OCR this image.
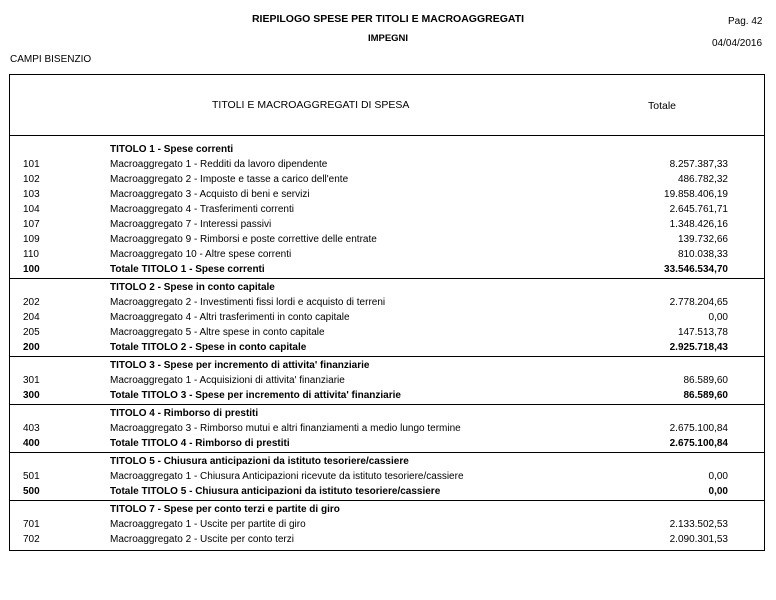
RIEPILOGO SPESE PER TITOLI E MACROAGGREGATI
IMPEGNI
Pag. 42
04/04/2016
CAMPI BISENZIO
TITOLI E MACROAGGREGATI DI SPESA	Totale
TITOLO 1 - Spese correnti
101	Macroaggregato 1 - Redditi da lavoro dipendente	8.257.387,33
102	Macroaggregato 2 - Imposte e tasse a carico dell'ente	486.782,32
103	Macroaggregato 3 - Acquisto di beni e servizi	19.858.406,19
104	Macroaggregato 4 - Trasferimenti correnti	2.645.761,71
107	Macroaggregato 7 - Interessi passivi	1.348.426,16
109	Macroaggregato 9 - Rimborsi e poste correttive delle entrate	139.732,66
110	Macroaggregato 10 - Altre spese correnti	810.038,33
100	Totale TITOLO 1 - Spese correnti	33.546.534,70
TITOLO 2 - Spese in conto capitale
202	Macroaggregato 2 - Investimenti fissi lordi e acquisto di terreni	2.778.204,65
204	Macroaggregato 4 - Altri trasferimenti in conto capitale	0,00
205	Macroaggregato 5 - Altre spese in conto capitale	147.513,78
200	Totale TITOLO 2 - Spese in conto capitale	2.925.718,43
TITOLO 3 - Spese per incremento di attivita' finanziarie
301	Macroaggregato 1 - Acquisizioni di attivita' finanziarie	86.589,60
300	Totale TITOLO 3 - Spese per incremento di attivita' finanziarie	86.589,60
TITOLO 4 - Rimborso di prestiti
403	Macroaggregato 3 - Rimborso mutui e altri finanziamenti a medio lungo termine	2.675.100,84
400	Totale TITOLO 4 - Rimborso di prestiti	2.675.100,84
TITOLO 5 - Chiusura anticipazioni da istituto tesoriere/cassiere
501	Macroaggregato 1 - Chiusura Anticipazioni ricevute da istituto tesoriere/cassiere	0,00
500	Totale TITOLO 5 - Chiusura anticipazioni da istituto tesoriere/cassiere	0,00
TITOLO 7 - Spese per conto terzi e partite di giro
701	Macroaggregato 1 - Uscite per partite di giro	2.133.502,53
702	Macroaggregato 2 - Uscite per conto terzi	2.090.301,53
